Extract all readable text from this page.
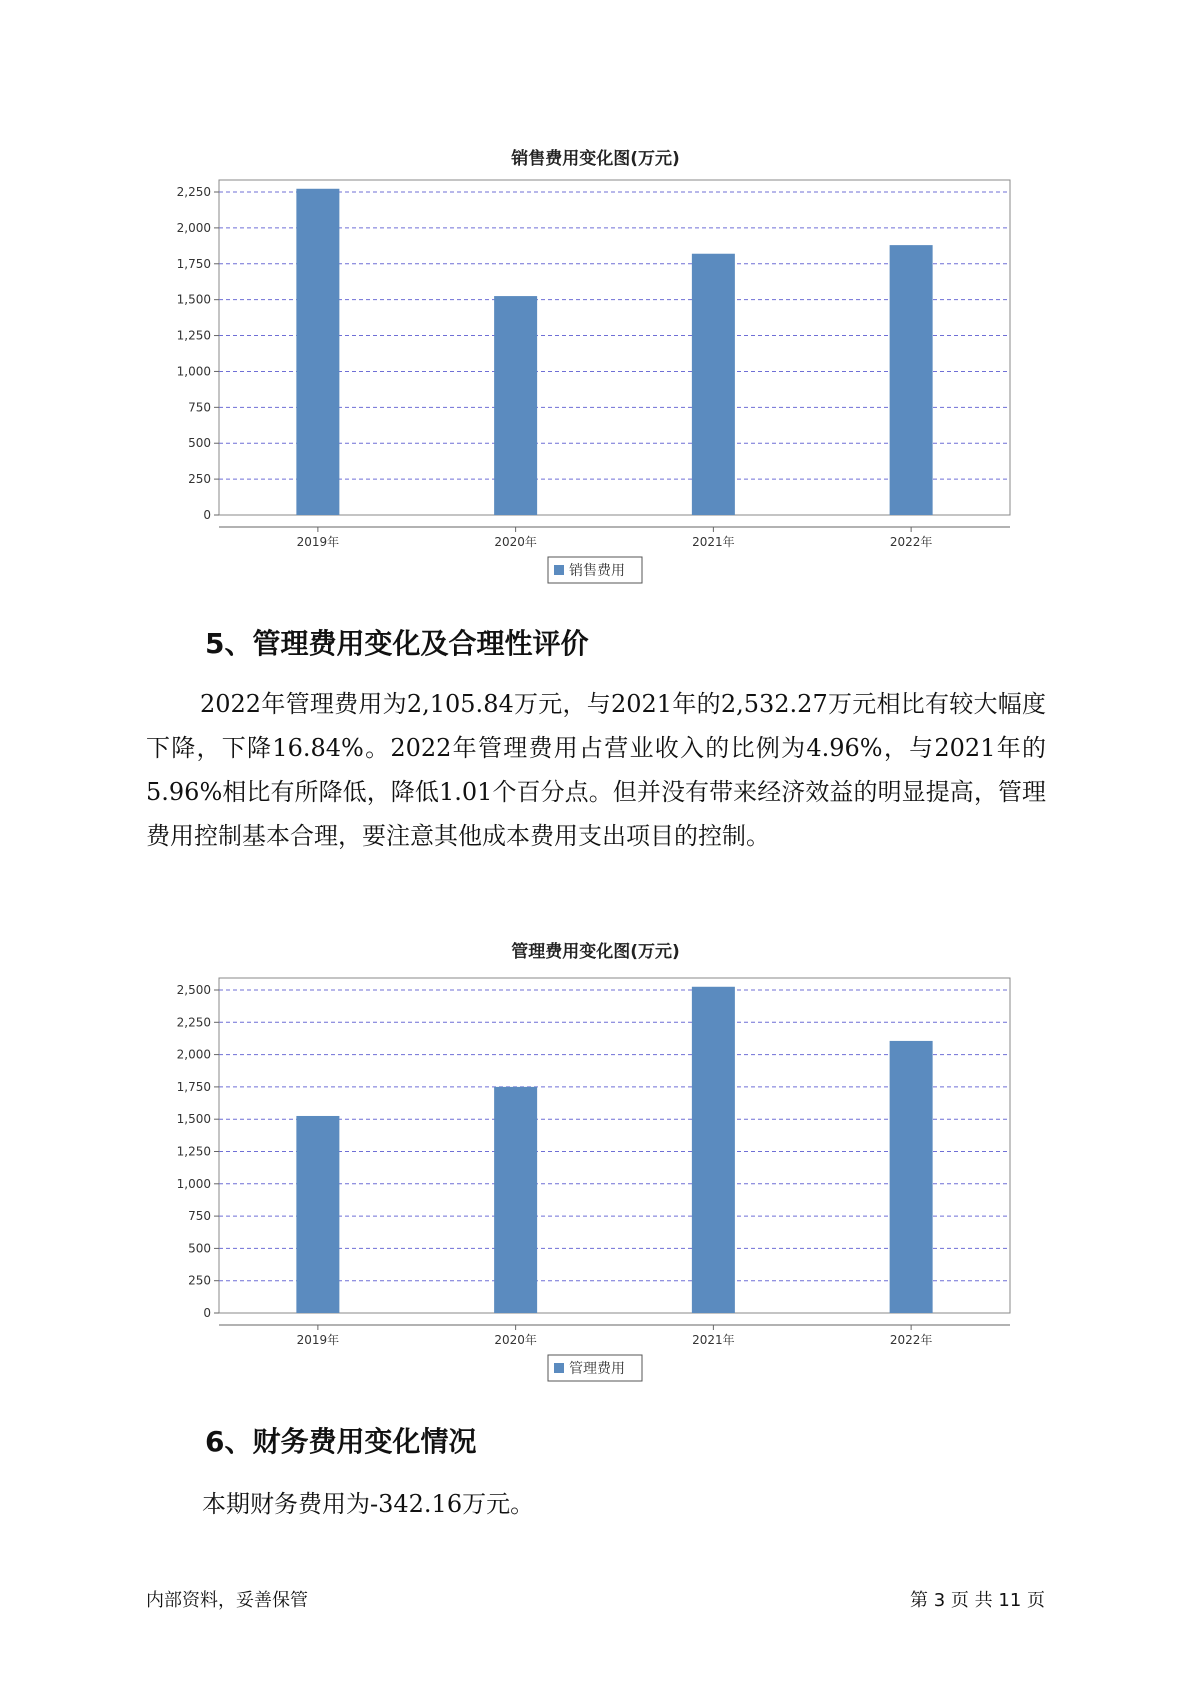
销售费用变化图(万元)
0
250
500
750
1,000
1,250
1,500
1,750
2,000
2,250
2019年	2020年	2021年	2022年
销售费用
5、管理费用变化及合理性评价

2022年管理费用为2,105.84万元，与2021年的2,532.27万元相比有较大幅度下降，下降16.84%。2022年管理费用占营业收入的比例为4.96%，与2021年的5.96%相比有所降低，降低1.01个百分点。但并没有带来经济效益的明显提高，管理费用控制基本合理，要注意其他成本费用支出项目的控制。

管理费用变化图(万元)
0
250
500
750
1,000
1,250
1,500
1,750
2,000
2,250
2,500
2019年	2020年	2021年	2022年
管理费用
6、财务费用变化情况
本期财务费用为-342.16万元。
内部资料，妥善保管	第 3 页 共 11 页
